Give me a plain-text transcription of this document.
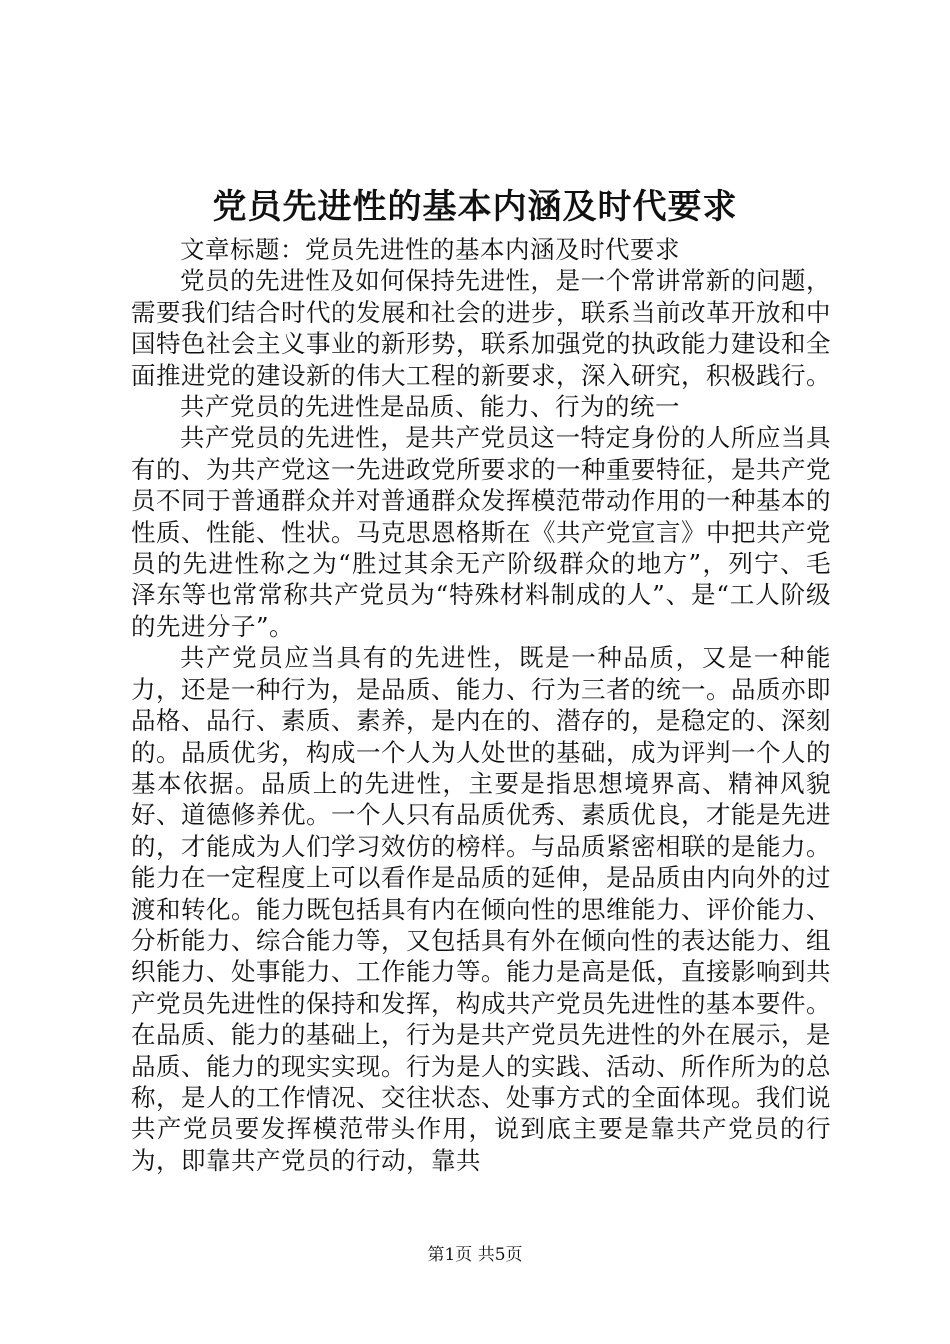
党员先进性的基本内涵及时代要求

文章标题：党员先进性的基本内涵及时代要求

党员的先进性及如何保持先进性，是一个常讲常新的问题，需要我们结合时代的发展和社会的进步，联系当前改革开放和中国特色社会主义事业的新形势，联系加强党的执政能力建设和全面推进党的建设新的伟大工程的新要求，深入研究，积极践行。

共产党员的先进性是品质、能力、行为的统一

共产党员的先进性，是共产党员这一特定身份的人所应当具有的、为共产党这一先进政党所要求的一种重要特征，是共产党员不同于普通群众并对普通群众发挥模范带动作用的一种基本的性质、性能、性状。马克思恩格斯在《共产党宣言》中把共产党员的先进性称之为“胜过其余无产阶级群众的地方”，列宁、毛泽东等也常常称共产党员为“特殊材料制成的人”、是“工人阶级的先进分子”。

共产党员应当具有的先进性，既是一种品质，又是一种能力，还是一种行为，是品质、能力、行为三者的统一。品质亦即品格、品行、素质、素养，是内在的、潜存的，是稳定的、深刻的。品质优劣，构成一个人为人处世的基础，成为评判一个人的基本依据。品质上的先进性，主要是指思想境界高、精神风貌好、道德修养优。一个人只有品质优秀、素质优良，才能是先进的，才能成为人们学习效仿的榜样。与品质紧密相联的是能力。能力在一定程度上可以看作是品质的延伸，是品质由内向外的过渡和转化。能力既包括具有内在倾向性的思维能力、评价能力、分析能力、综合能力等，又包括具有外在倾向性的表达能力、组织能力、处事能力、工作能力等。能力是高是低，直接影响到共产党员先进性的保持和发挥，构成共产党员先进性的基本要件。在品质、能力的基础上，行为是共产党员先进性的外在展示，是品质、能力的现实实现。行为是人的实践、活动、所作所为的总称，是人的工作情况、交往状态、处事方式的全面体现。我们说共产党员要发挥模范带头作用，说到底主要是靠共产党员的行为，即靠共产党员的行动，靠共

第1页 共5页
